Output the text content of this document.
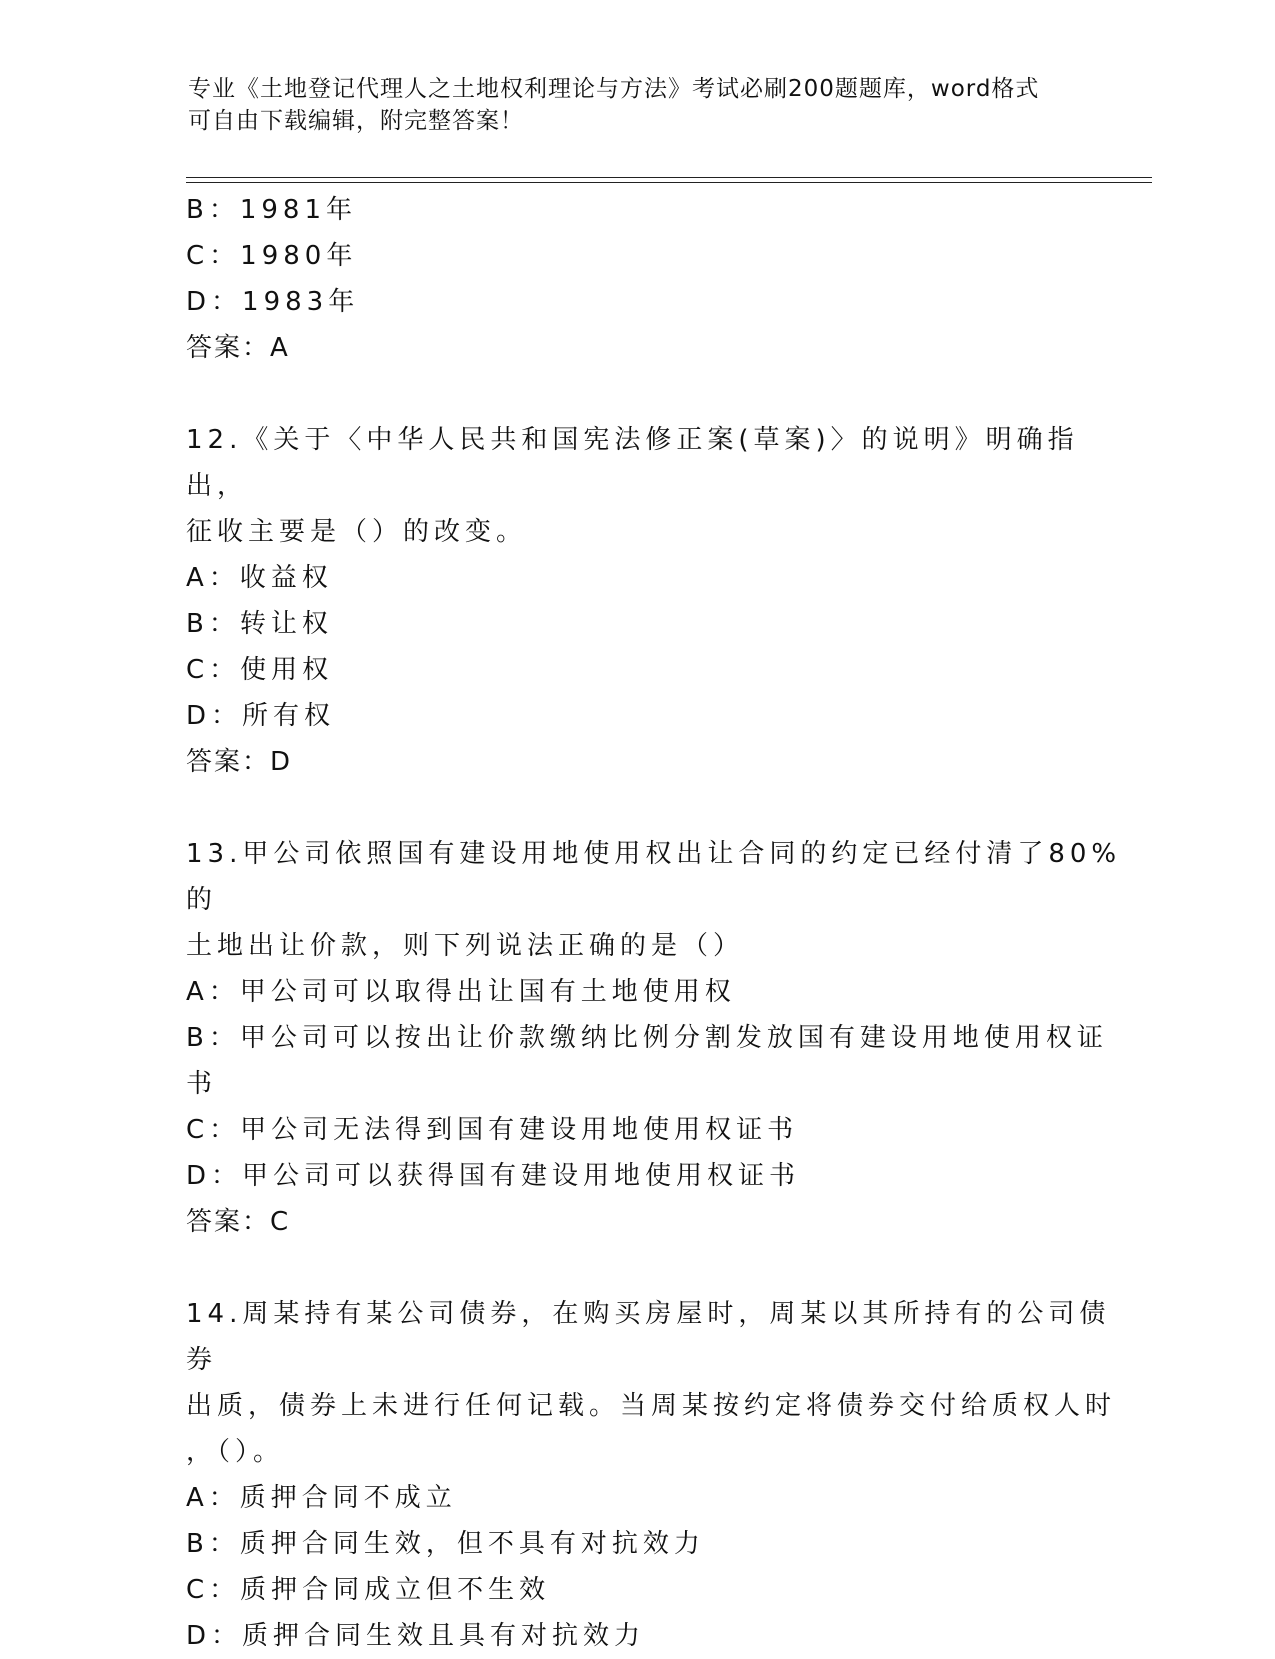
专业《土地登记代理人之土地权利理论与方法》考试必刷200题题库，word格式
可自由下载编辑，附完整答案！
B：1981年
C：1980年
D：1983年
答案：A
12.《关于〈中华人民共和国宪法修正案(草案)〉的说明》明确指出，
征收主要是（）的改变。
A：收益权
B：转让权
C：使用权
D：所有权
答案：D
13.甲公司依照国有建设用地使用权出让合同的约定已经付清了80%的
土地出让价款，则下列说法正确的是（）
A：甲公司可以取得出让国有土地使用权
B：甲公司可以按出让价款缴纳比例分割发放国有建设用地使用权证书
C：甲公司无法得到国有建设用地使用权证书
D：甲公司可以获得国有建设用地使用权证书
答案：C
14.周某持有某公司债券，在购买房屋时，周某以其所持有的公司债券
出质，债券上未进行任何记载。当周某按约定将债券交付给质权人时
，（）。
A：质押合同不成立
B：质押合同生效，但不具有对抗效力
C：质押合同成立但不生效
D：质押合同生效且具有对抗效力
